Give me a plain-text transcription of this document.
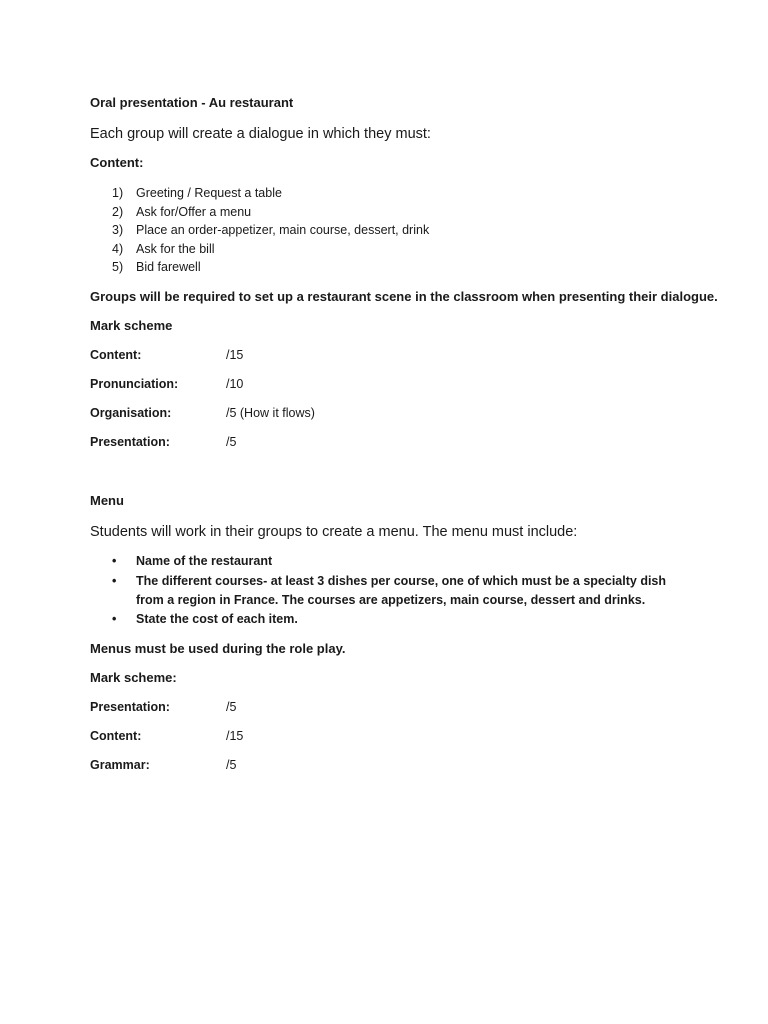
Oral presentation - Au restaurant
Each group will create a dialogue in which they must:
Content:
1) Greeting / Request a table
2) Ask for/Offer a menu
3) Place an order-appetizer, main course, dessert, drink
4) Ask for the bill
5) Bid farewell
Groups will be required to set up a restaurant scene in the classroom when presenting their dialogue.
Mark scheme
Content:	/15
Pronunciation:	/10
Organisation:	/5 (How it flows)
Presentation:	/5
Menu
Students will work in their groups to create a menu. The menu must include:
• Name of the restaurant
• The different courses- at least 3 dishes per course, one of which must be a specialty dish from a region in France. The courses are appetizers, main course, dessert and drinks.
• State the cost of each item.
Menus must be used during the role play.
Mark scheme:
Presentation:	/5
Content:	/15
Grammar:	/5
